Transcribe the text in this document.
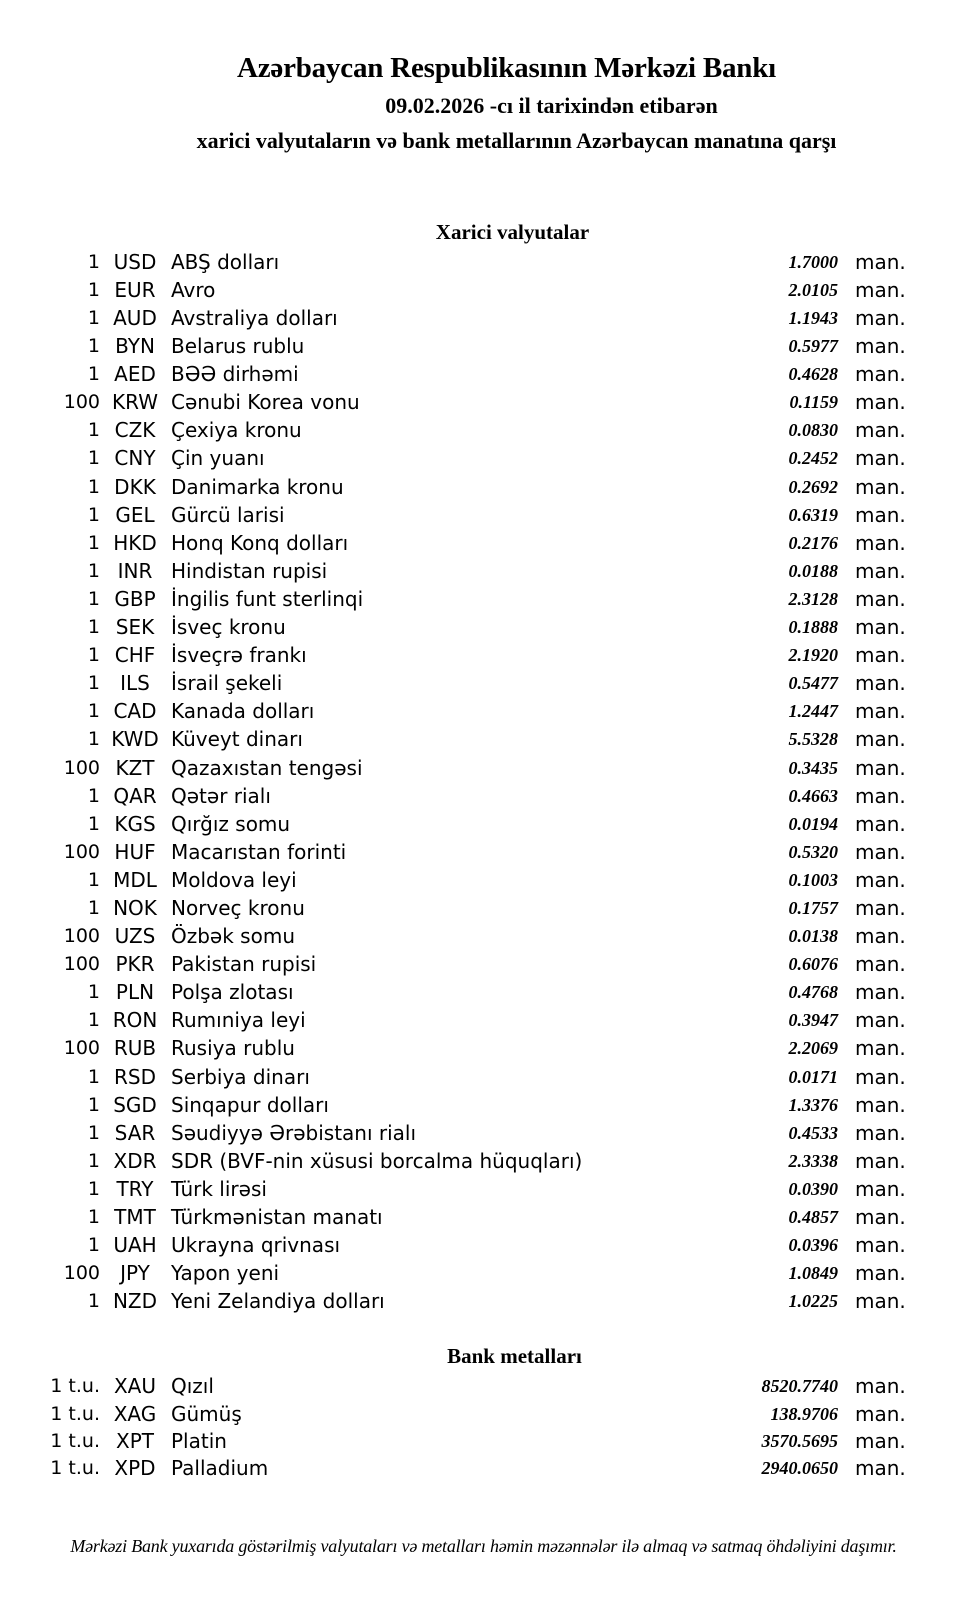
Azərbaycan Respublikasının Mərkəzi Bankı
09.02.2026 -cı il tarixindən etibarən
xarici valyutaların və bank metallarının Azərbaycan manatına qarşı
Xarici valyutalar
1 USD ABŞ dolları	1.7000 man.
1 EUR Avro	2.0105 man.
1 AUD Avstraliya dolları	1.1943 man.
1 BYN Belarus rublu	0.5977 man.
1 AED BƏƏ dirhəmi	0.4628 man.
100 KRW Cənubi Korea vonu	0.1159 man.
1 CZK Çexiya kronu	0.0830 man.
1 CNY Çin yuanı	0.2452 man.
1 DKK Danimarka kronu	0.2692 man.
1 GEL Gürcü larisi	0.6319 man.
1 HKD Honq Konq dolları	0.2176 man.
1 INR Hindistan rupisi	0.0188 man.
1 GBP İngilis funt sterlinqi	2.3128 man.
1 SEK İsveç kronu	0.1888 man.
1 CHF İsveçrə frankı	2.1920 man.
1	ILS	İsrail şekeli	0.5477 man.
1 CAD Kanada dolları	1.2447 man.
1 KWD Küveyt dinarı	5.5328 man.
100 KZT Qazaxıstan tengəsi	0.3435 man.
1 QAR Qətər rialı	0.4663 man.
1 KGS Qırğız somu	0.0194 man.
100 HUF Macarıstan forinti	0.5320 man.
1 MDL Moldova leyi	0.1003 man.
1 NOK Norveç kronu	0.1757 man.
100 UZS Özbək somu	0.0138 man.
100 PKR Pakistan rupisi	0.6076 man.
1 PLN Polşa zlotası	0.4768 man.
1 RON Rumıniya leyi	0.3947 man.
100 RUB Rusiya rublu	2.2069 man.
1 RSD Serbiya dinarı	0.0171 man.
1 SGD Sinqapur dolları	1.3376 man.
1 SAR Səudiyyə Ərəbistanı rialı	0.4533 man.
1 XDR SDR (BVF-nin xüsusi borcalma hüquqları)	2.3338 man.
1 TRY Türk lirəsi	0.0390 man.
1 TMT Türkmənistan manatı	0.4857 man.
1 UAH Ukrayna qrivnası	0.0396 man.
100	JPY	Yapon yeni	1.0849 man.
1 NZD Yeni Zelandiya dolları	1.0225 man.
Bank metalları
1 t.u. XAU Qızıl	8520.7740 man.
1 t.u. XAG Gümüş	138.9706 man.
1 t.u. XPT Platin	3570.5695 man.
1 t.u. XPD Palladium	2940.0650 man.
Mərkəzi Bank yuxarıda göstərilmiş valyutaları və metalları həmin məzənnələr ilə almaq və satmaq öhdəliyini daşımır.
